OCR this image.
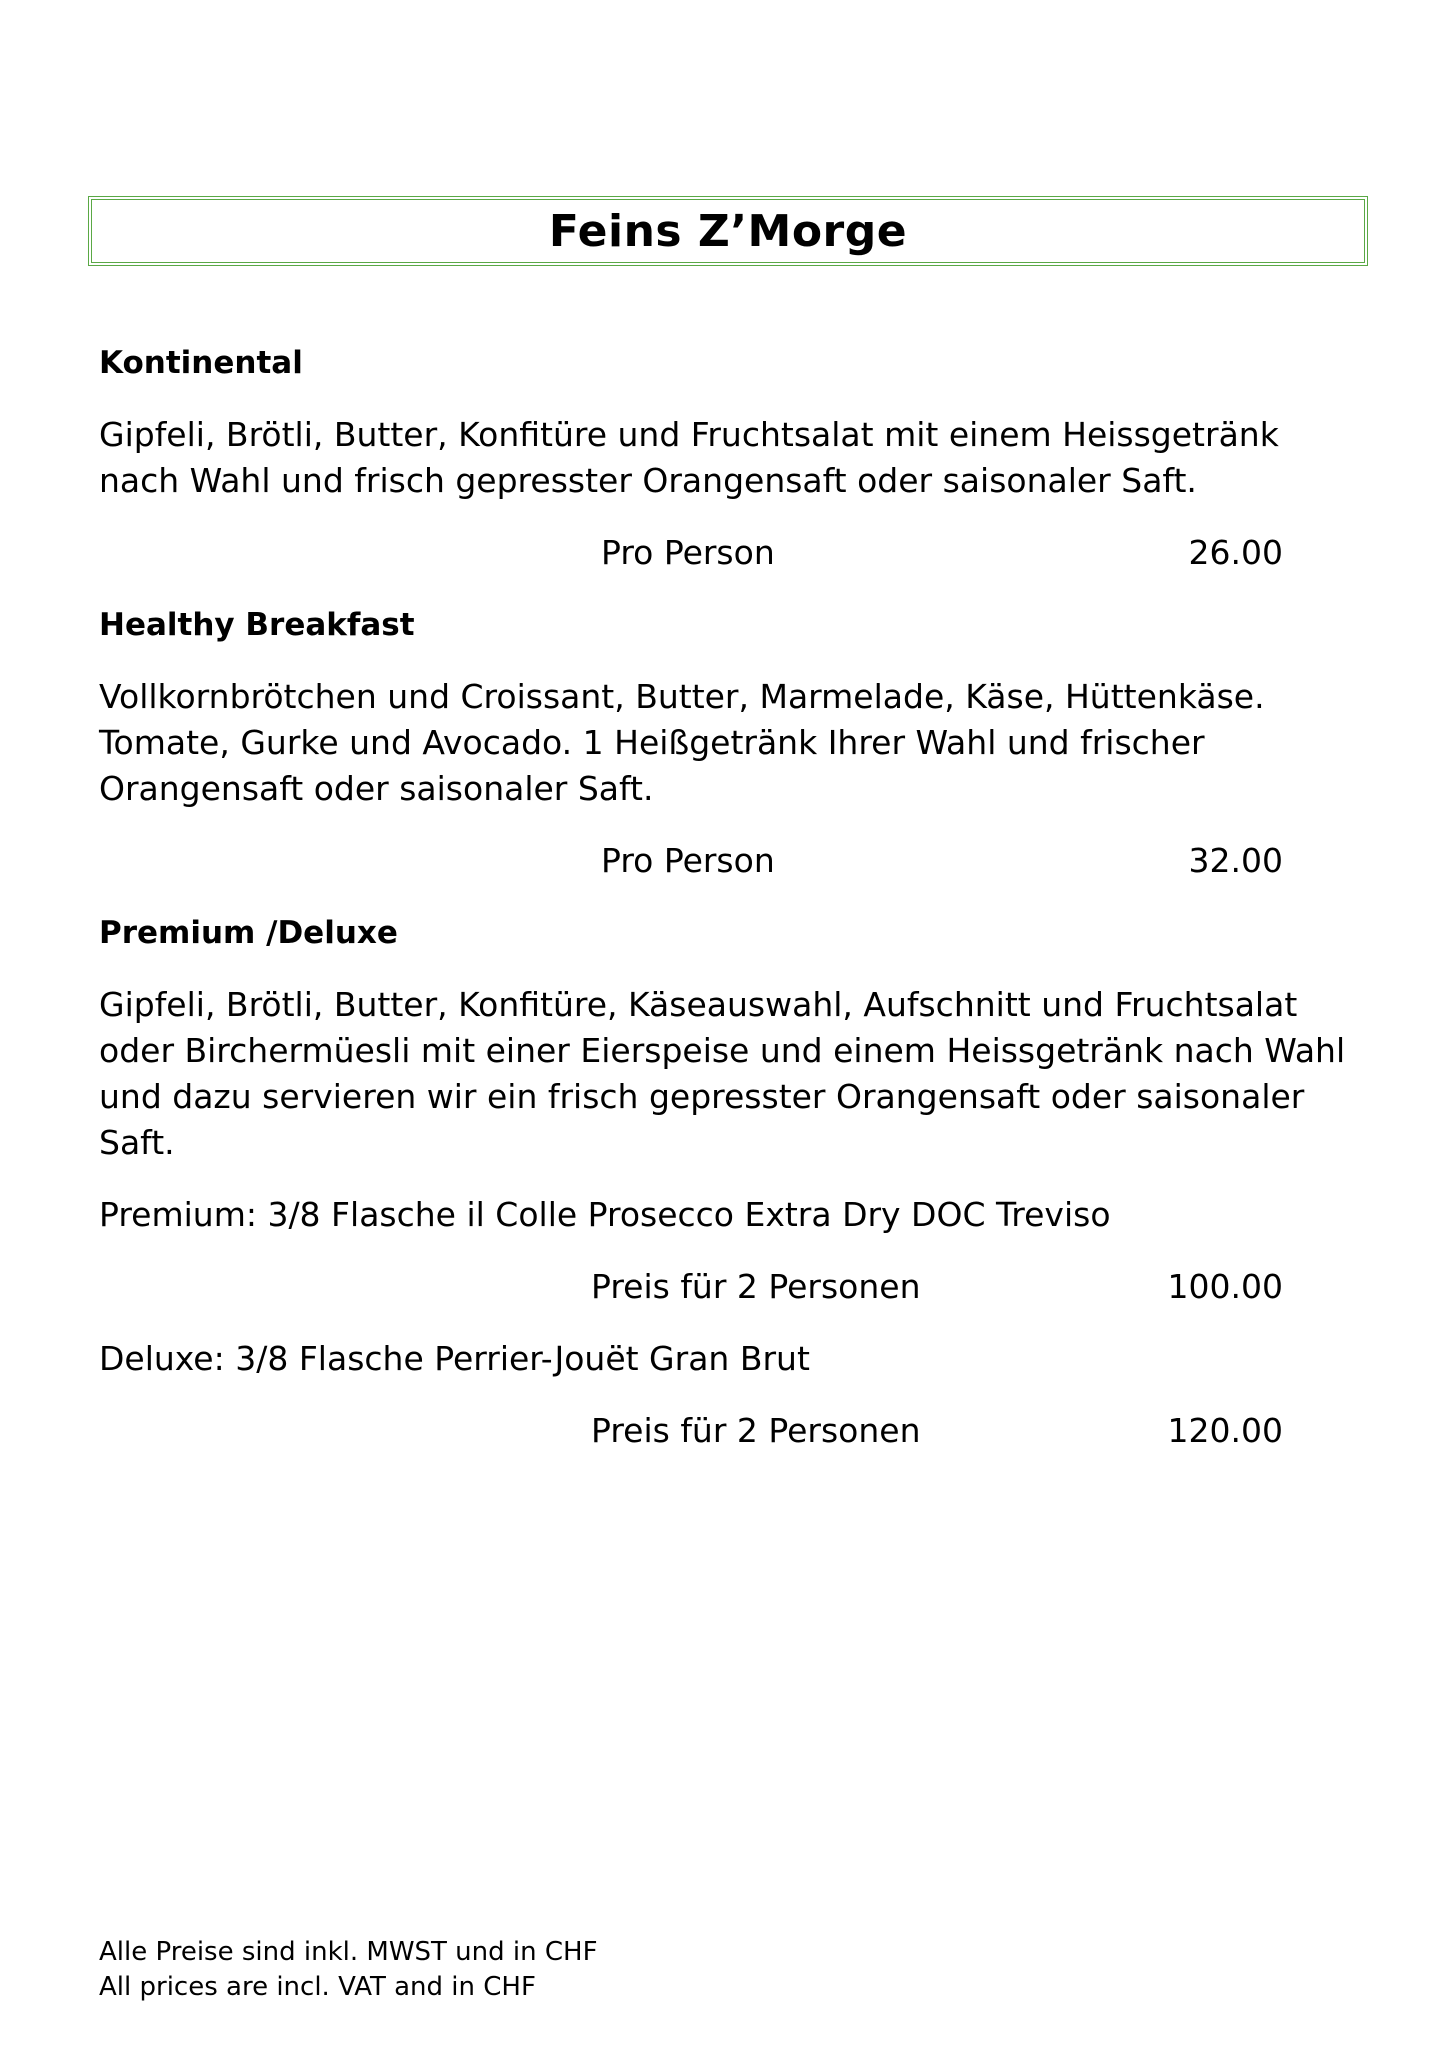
Feins Z’Morge
Kontinental
Gipfeli, Brötli, Butter, Konfitüre und Fruchtsalat mit einem Heissgetränk nach Wahl und frisch gepresster Orangensaft oder saisonaler Saft.
Pro Person	26.00
Healthy Breakfast
Vollkornbrötchen und Croissant, Butter, Marmelade, Käse, Hüttenkäse. Tomate, Gurke und Avocado. 1 Heißgetränk Ihrer Wahl und frischer Orangensaft oder saisonaler Saft.
Pro Person	32.00
Premium /Deluxe
Gipfeli, Brötli, Butter, Konfitüre, Käseauswahl, Aufschnitt und Fruchtsalat oder Birchermüesli mit einer Eierspeise und einem Heissgetränk nach Wahl und dazu servieren wir ein frisch gepresster Orangensaft oder saisonaler Saft.
Premium: 3/8 Flasche il Colle Prosecco Extra Dry DOC Treviso
Preis für 2 Personen	100.00
Deluxe: 3/8 Flasche Perrier-Jouët Gran Brut
Preis für 2 Personen	120.00
Alle Preise sind inkl. MWST und in CHF
All prices are incl. VAT and in CHF
